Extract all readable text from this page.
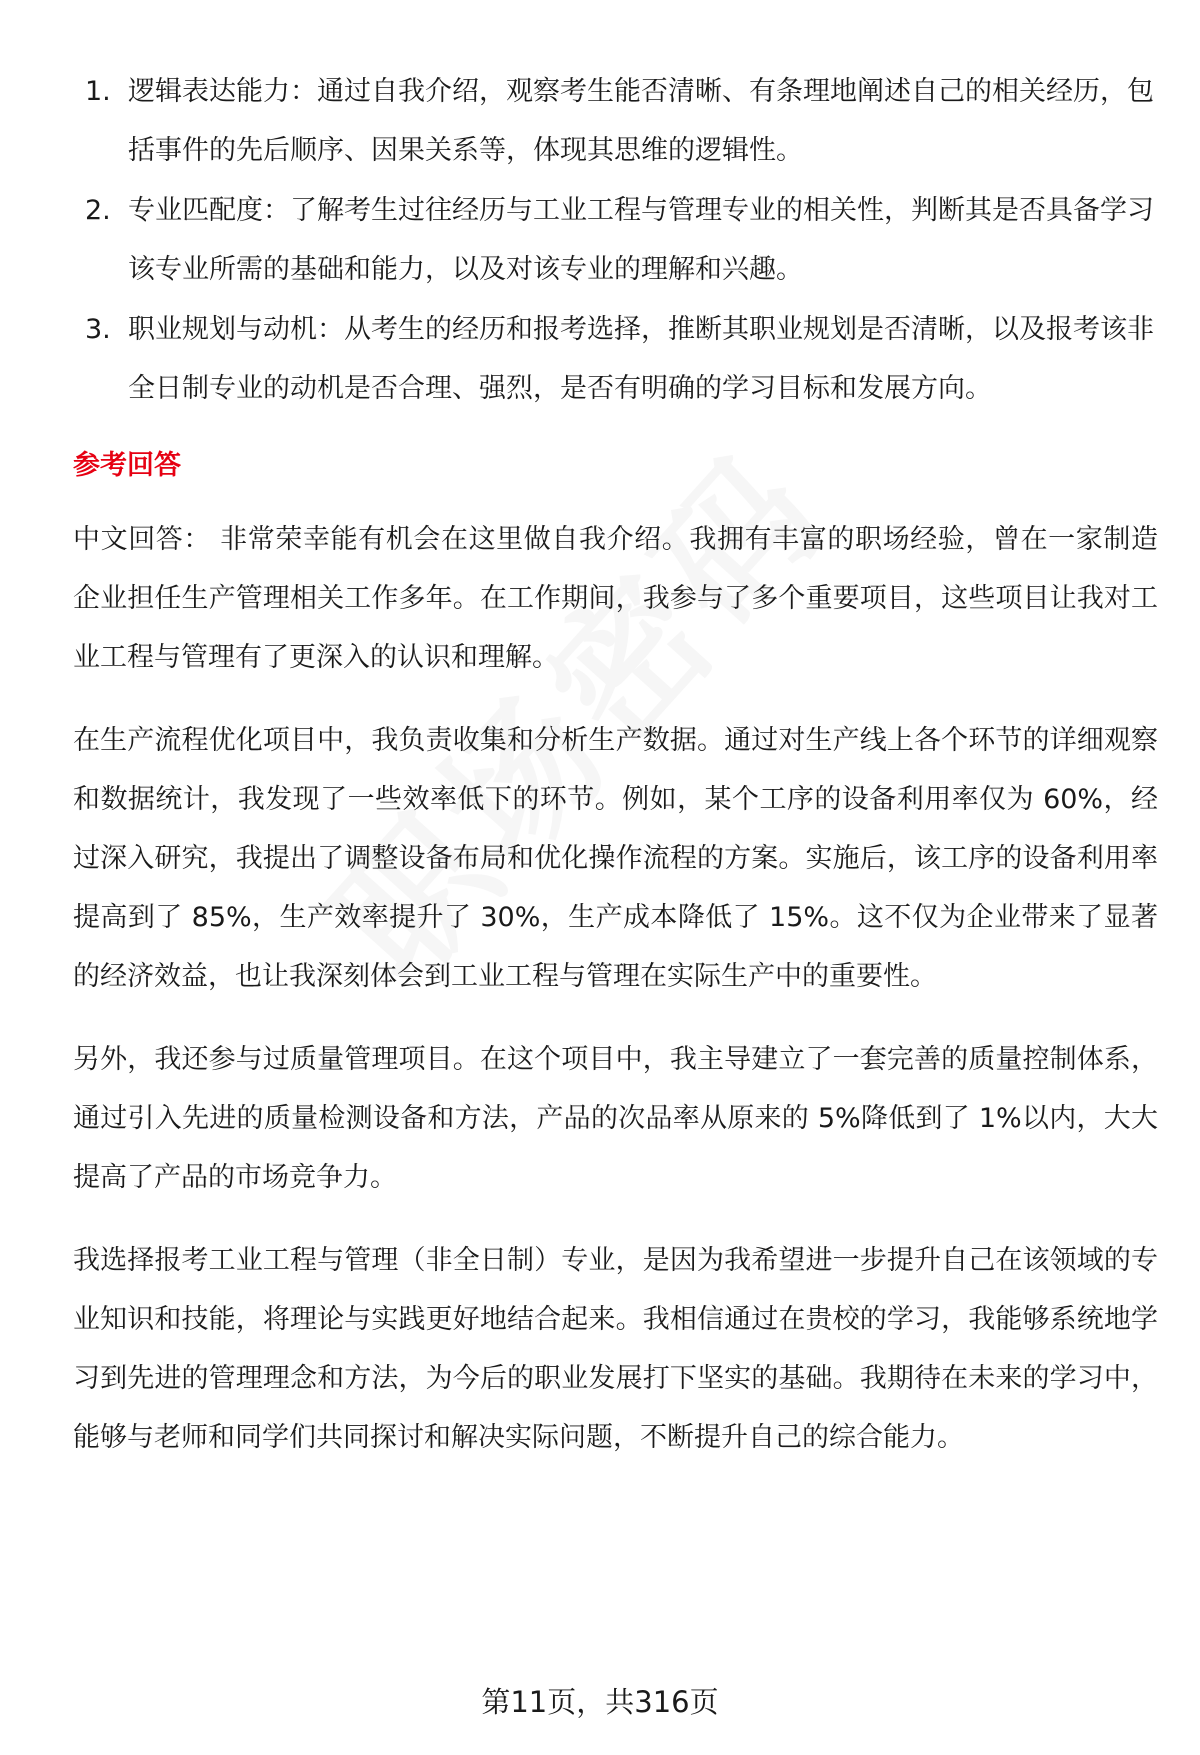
1. 逻辑表达能力：通过自我介绍，观察考生能否清晰、有条理地阐述自己的相关经历，包括事件的先后顺序、因果关系等，体现其思维的逻辑性。
2. 专业匹配度：了解考生过往经历与工业工程与管理专业的相关性，判断其是否具备学习该专业所需的基础和能力，以及对该专业的理解和兴趣。
3. 职业规划与动机：从考生的经历和报考选择，推断其职业规划是否清晰，以及报考该非全日制专业的动机是否合理、强烈，是否有明确的学习目标和发展方向。
参考回答

中文回答： 非常荣幸能有机会在这里做自我介绍。我拥有丰富的职场经验，曾在一家制造企业担任生产管理相关工作多年。在工作期间，我参与了多个重要项目，这些项目让我对工业工程与管理有了更深入的认识和理解。

在生产流程优化项目中，我负责收集和分析生产数据。通过对生产线上各个环节的详细观察和数据统计，我发现了一些效率低下的环节。例如，某个工序的设备利用率仅为 60%，经过深入研究，我提出了调整设备布局和优化操作流程的方案。实施后，该工序的设备利用率提高到了 85%，生产效率提升了 30%，生产成本降低了 15%。这不仅为企业带来了显著的经济效益，也让我深刻体会到工业工程与管理在实际生产中的重要性。

另外，我还参与过质量管理项目。在这个项目中，我主导建立了一套完善的质量控制体系，通过引入先进的质量检测设备和方法，产品的次品率从原来的 5%降低到了 1%以内，大大提高了产品的市场竞争力。

我选择报考工业工程与管理（非全日制）专业，是因为我希望进一步提升自己在该领域的专业知识和技能，将理论与实践更好地结合起来。我相信通过在贵校的学习，我能够系统地学习到先进的管理理念和方法，为今后的职业发展打下坚实的基础。我期待在未来的学习中，能够与老师和同学们共同探讨和解决实际问题，不断提升自己的综合能力。

第11页，共316页
